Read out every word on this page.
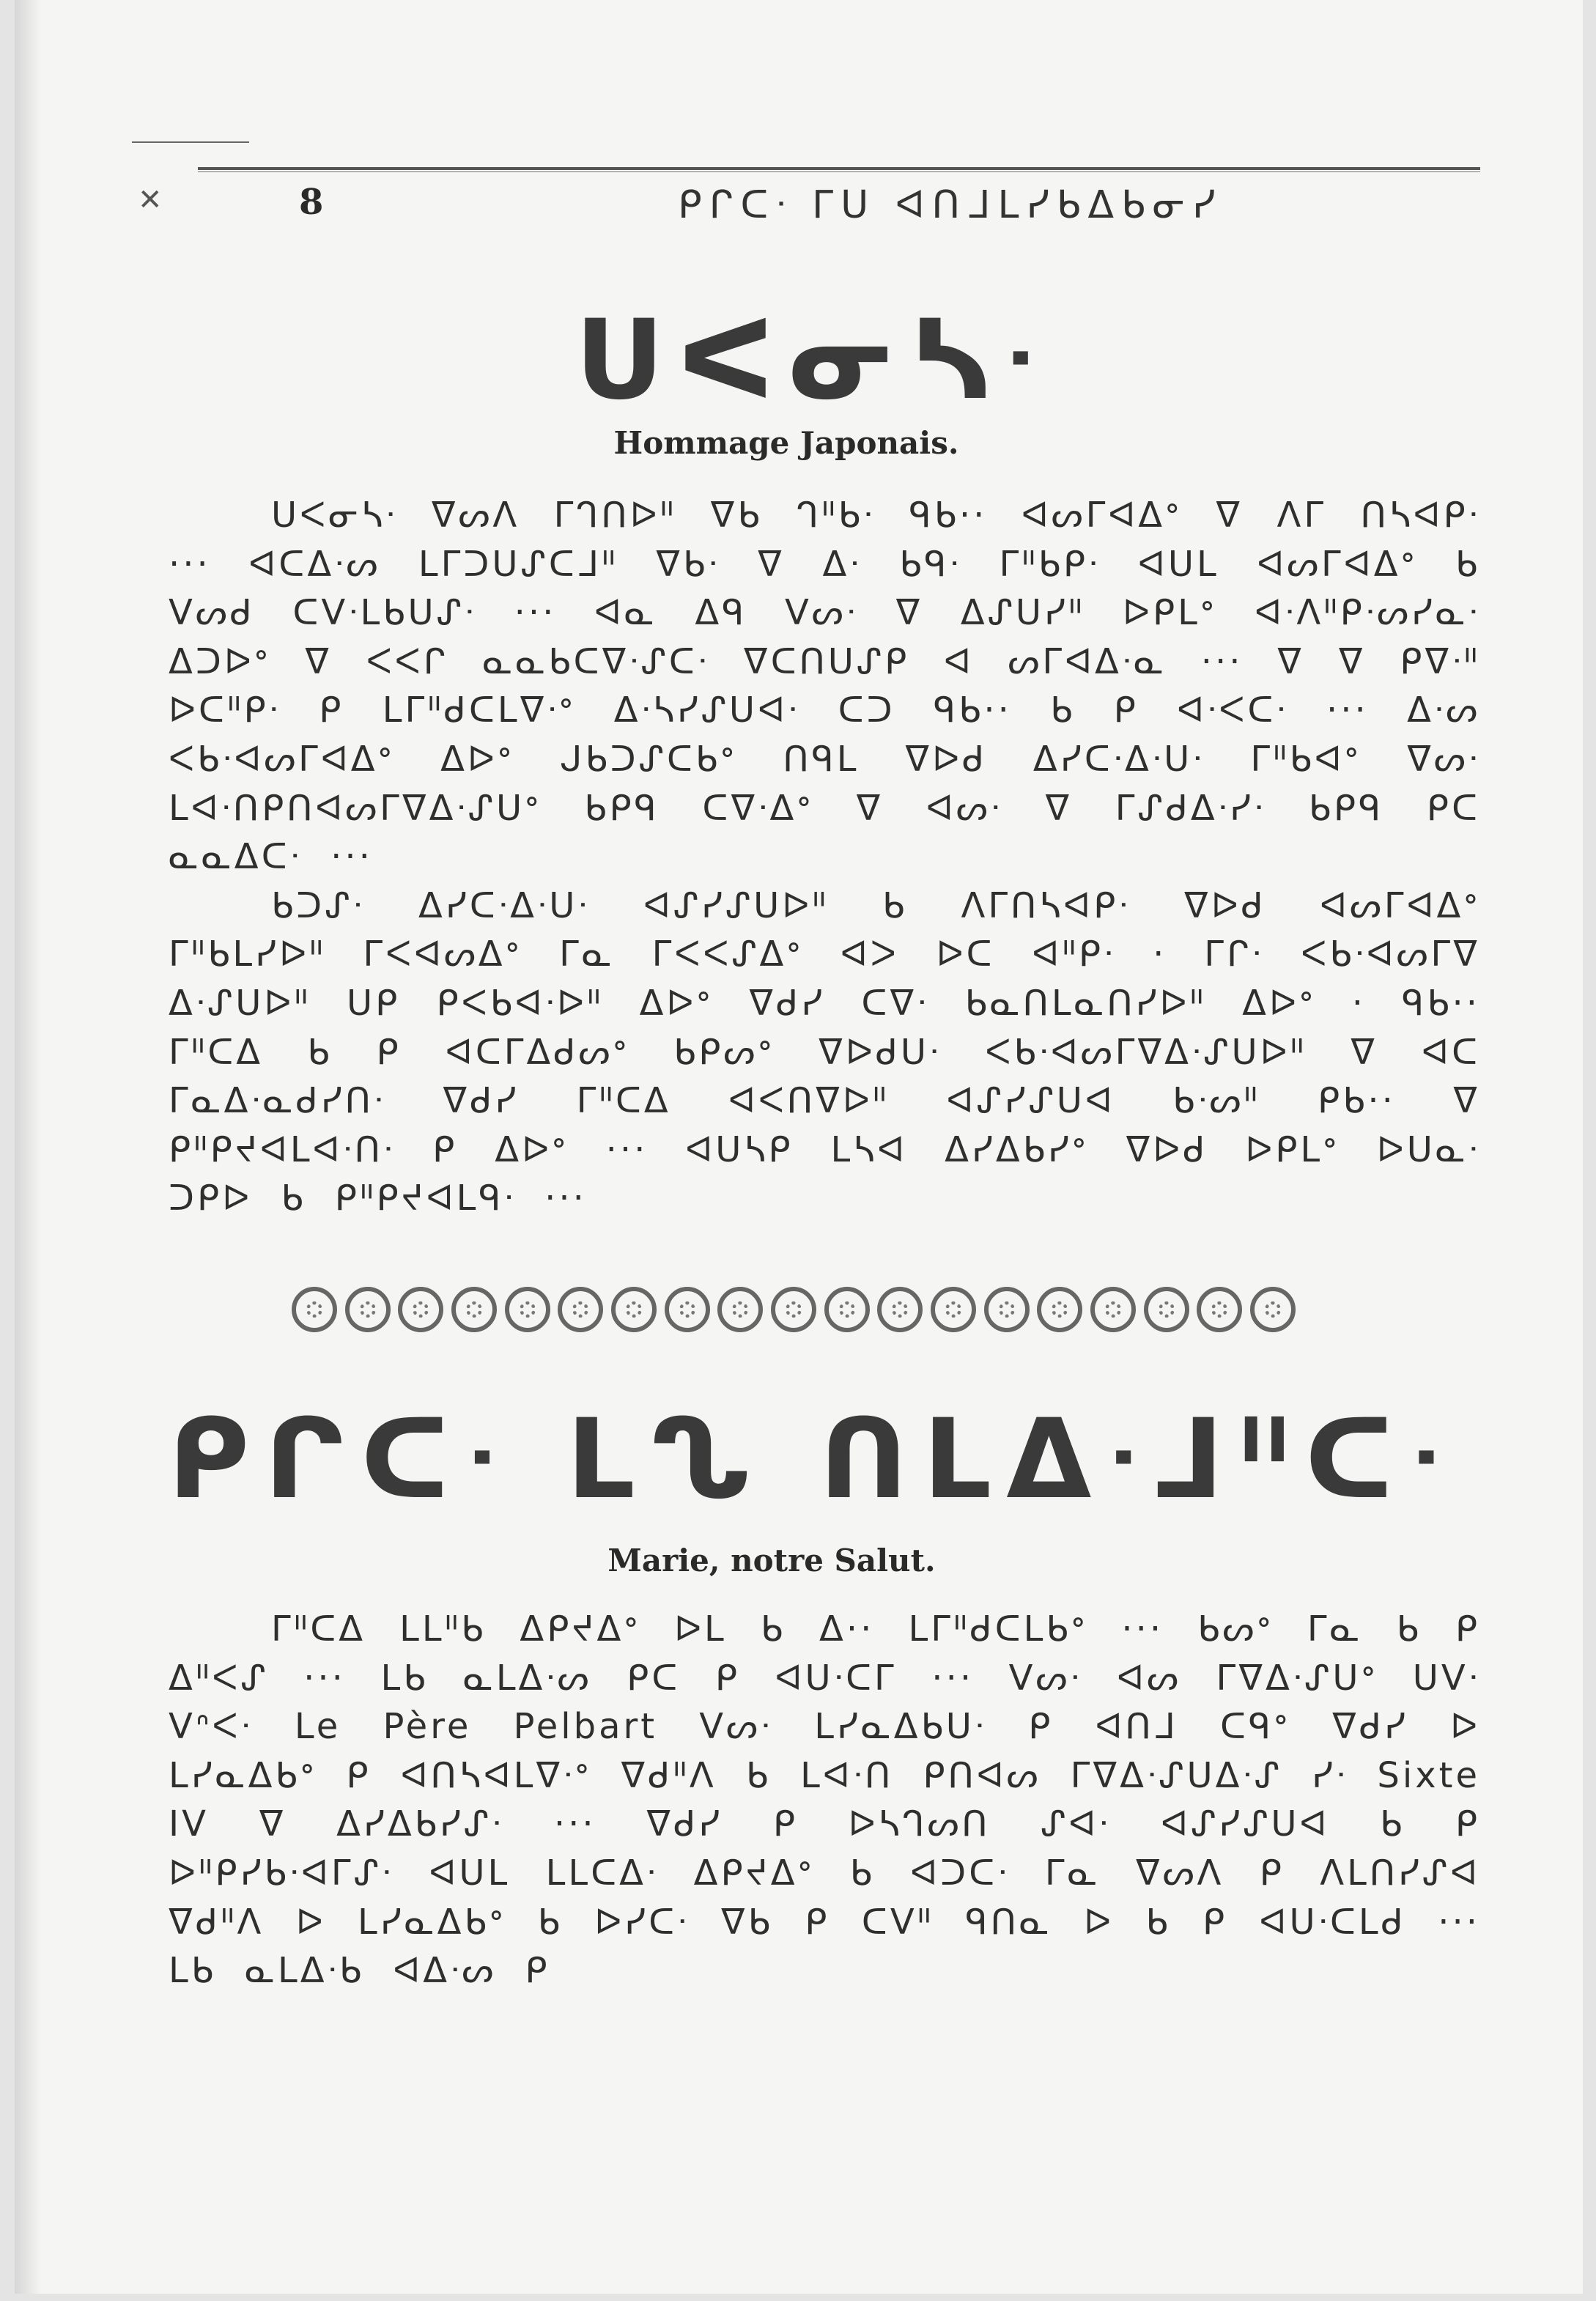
✕	8	ᑭᒋᑕᐧ ᒥᑌ ᐊᑎᒧᒪᓯᑲᐃᑲᓂᓯ
ᑌᐸᓂᓴᐧ
Hommage Japonais.

ᑌᐸᓂᓴᐧ ᐁᔕᐱ ᒥᒉᑎᐅᐦ ᐁᑲ ᒉᐦᑲᐧ ᑫᑲ·· ᐊᔕᒥᐊᐃᐤ ᐁ ᐱᒥ ᑎᓴᐊᑭᐧ ··· ᐊᑕᐃᐧᔕ ᒪᒥᑐᑌᔑᑕᒧᐦ ᐁᑲᐧ ᐁ ᐃᐧ ᑲᑫᐧ ᒥᐦᑲᑭᐧ ᐊᑌᒪ ᐊᔕᒥᐊᐃᐤ ᑲ ᐯᔕᑯ ᑕᐯᐧᒪᑲᑌᔑᐧ ··· ᐊᓇ ᐃᑫ ᐯᔕᐧ ᐁ ᐃᔑᑌᓯᐦ ᐅᑭᒪᐤ ᐊᐧᐱᐦᑭᐧᔕᓯᓇᐧ ᐃᑐᐅᐤ ᐁ ᐸᐸᒋ ᓇᓇᑲᑕᐁᐧᔑᑕᐧ ᐁᑕᑎᑌᔑᑭ ᐊ ᔕᒥᐊᐃᐧᓇ ··· ᐁ ᐁ ᑭᐁᐧᐦ ᐅᑕᐦᑭᐧ ᑭ ᒪᒥᐦᑯᑕᒪᐁᐧᐤ ᐃᐧᓴᓯᔑᑌᐊᐧ ᑕᑐ ᑫᑲ·· ᑲ ᑭ ᐊᐧᐸᑕᐧ ··· ᐃᐧᔕ ᐸᑲᐧᐊᔕᒥᐊᐃᐤ ᐃᐅᐤ ᒍᑲᑐᔑᑕᑲᐤ ᑎᑫᒪ ᐁᐅᑯ ᐃᓯᑕᐧᐃᐧᑌᐧ ᒥᐦᑲᐊᐤ ᐁᔕᐧ ᒪᐊᐧᑎᑭᑎᐊᔕᒥᐁᐃᐧᔑᑌᐤ ᑲᑭᑫ ᑕᐁᐧᐃᐤ ᐁ ᐊᔕᐧ ᐁ ᒥᔑᑯᐃᐧᓯᐧ ᑲᑭᑫ ᑭᑕ ᓇᓇᐃᑕᐧ ···

ᑲᑐᔑᐧ ᐃᓯᑕᐧᐃᐧᑌᐧ ᐊᔑᓯᔑᑌᐅᐦ ᑲ ᐱᒥᑎᓴᐊᑭᐧ ᐁᐅᑯ ᐊᔕᒥᐊᐃᐤ ᒥᐦᑲᒪᓯᐅᐦ ᒥᐸᐊᔕᐃᐤ ᒥᓇ ᒥᐸᐸᔑᐃᐤ ᐊᐳ ᐅᑕ ᐊᐦᑭᐧ · ᒥᒋᐧ ᐸᑲᐧᐊᔕᒥᐁ ᐃᐧᔑᑌᐅᐦ ᑌᑭ ᑭᐸᑲᐊᐧᐅᐦ ᐃᐅᐤ ᐁᑯᓯ ᑕᐁᐧ ᑲᓇᑎᒪᓇᑎᓯᐅᐦ ᐃᐅᐤ · ᑫᑲ·· ᒥᐦᑕᐃ ᑲ ᑭ ᐊᑕᒥᐃᑯᔕᐤ ᑲᑭᔕᐤ ᐁᐅᑯᑌᐧ ᐸᑲᐧᐊᔕᒥᐁᐃᐧᔑᑌᐅᐦ ᐁ ᐊᑕ ᒥᓇᐃᐧᓇᑯᓯᑎᐧ ᐁᑯᓯ ᒥᐦᑕᐃ ᐊᐸᑎᐁᐅᐦ ᐊᔑᓯᔑᑌᐊ ᑲᐧᔕᐦ ᑭᑲ·· ᐁ ᑭᐦᑭᔪᐊᒪᐊᐧᑎᐧ ᑭ ᐃᐅᐤ ··· ᐊᑌᓴᑭ ᒪᓴᐊ ᐃᓯᐃᑲᓯᐤ ᐁᐅᑯ ᐅᑭᒪᐤ ᐅᑌᓇᐧ ᑐᑭᐅ ᑲ ᑭᐦᑭᔪᐊᒪᑫᐧ ···

ᑭᒋᑕᐧ ᒪᔐ ᑎᒪᐃᐧᒧᐦᑕᐧ
Marie, notre Salut.

ᒥᐦᑕᐃ ᒪᒪᐦᑲ ᐃᑭᔪᐃᐤ ᐅᒪ ᑲ ᐃ·· ᒪᒥᐦᑯᑕᒪᑲᐤ ··· ᑲᔕᐤ ᒥᓇ ᑲ ᑭ ᐃᐦᐸᔑ ··· ᒪᑲ ᓇᒪᐃᐧᔕ ᑭᑕ ᑭ ᐊᑌᐧᑕᒥ ··· ᐯᔕᐧ ᐊᔕ ᒥᐁᐃᐧᔑᑌᐤ ᑌᐯᐧ ᐯᐢᐸᐧ Le Père Pelbart ᐯᔕᐧ ᒪᓯᓇᐃᑲᑌᐧ ᑭ ᐊᑎᒧ ᑕᑫᐤ ᐁᑯᓯ ᐅ ᒪᓯᓇᐃᑲᐤ ᑭ ᐊᑎᓴᐊᒪᐁᐧᐤ ᐁᑯᐦᐱ ᑲ ᒪᐊᐧᑎ ᑭᑎᐊᔕ ᒥᐁᐃᐧᔑᑌᐃᐧᔑ ᓯᐧ Sixte IV ᐁ ᐃᓯᐃᑲᓯᔑᐧ ··· ᐁᑯᓯ ᑭ ᐅᓴᒉᔕᑎ ᔑᐊᐧ ᐊᔑᓯᔑᑌᐊ ᑲ ᑭ ᐅᐦᑭᓯᑲᐧᐊᒥᔑᐧ ᐊᑌᒪ ᒪᒪᑕᐃᐧ ᐃᑭᔪᐃᐤ ᑲ ᐊᑐᑕᐧ ᒥᓇ ᐁᔕᐱ ᑭ ᐱᒪᑎᓯᔑᐊ ᐁᑯᐦᐱ ᐅ ᒪᓯᓇᐃᑲᐤ ᑲ ᐅᓯᑕᐧ ᐁᑲ ᑭ ᑕᐯᐦ ᑫᑎᓇ ᐅ ᑲ ᑭ ᐊᑌᐧᑕᒪᑯ ··· ᒪᑲ ᓇᒪᐃᐧᑲ ᐊᐃᐧᔕ ᑭ
